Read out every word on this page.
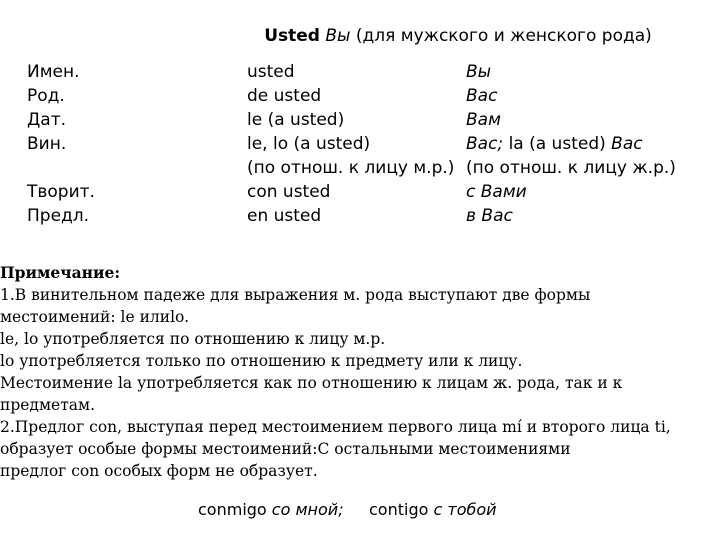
Usted Вы (для мужского и женского рода)
Имен.
Род.
Дат.
Вин.
Творит.
Предл.
usted
de usted
le (a usted)
le, lo (a usted)
(по отнош. к лицу м.р.)
con usted
en usted
Вы
Вас
Вам
Вас; la (a usted) Вас
(по отнош. к лицу ж.р.)
с Вами
в Вас
Примечание:
1.В винительном падеже для выражения м. рода выступают две формы
местоимений: le илиlo.
le, lo употребляется по отношению к лицу м.р.
lo употребляется только по отношению к предмету или к лицу.
Местоимение la употребляется как по отношению к лицам ж. рода, так и к
предметам.
2.Предлог con, выступая перед местоимением первого лица mí и второго лица ti,
образует особые формы местоимений:С остальными местоимениями
предлог con особых форм не образует.
conmigo со мной; contigo с тобой
